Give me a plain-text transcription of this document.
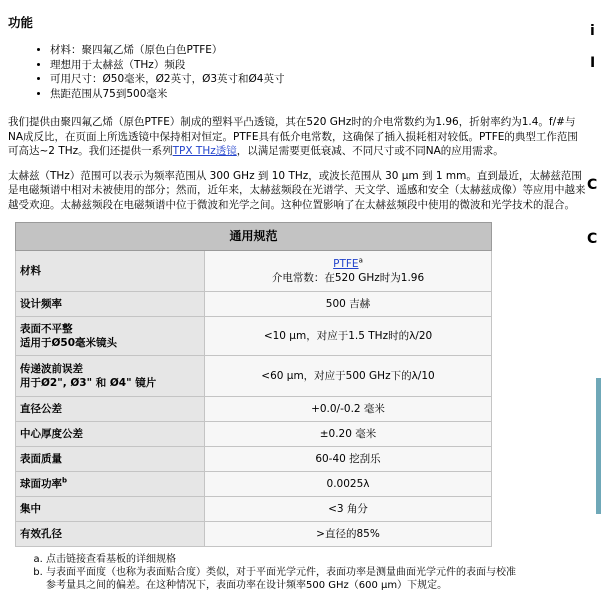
功能
• 材料：聚四氟乙烯（原色白色PTFE）
• 理想用于太赫兹（THz）频段
• 可用尺寸：Ø50毫米，Ø2英寸，Ø3英寸和Ø4英寸
• 焦距范围从75到500毫米

我们提供由聚四氟乙烯（原色PTFE）制成的塑料平凸透镜，其在520 GHz时的介电常数约为1.96，折射率约为1.4。f/#与NA成反比，在页面上所选透镜中保持相对恒定。PTFE具有低介电常数，这确保了插入损耗相对较低。PTFE的典型工作范围可高达~2 THz。我们还提供一系列TPX THz透镜，以满足需要更低衰减、不同尺寸或不同NA的应用需求。

太赫兹（THz）范围可以表示为频率范围从 300 GHz 到 10 THz，或波长范围从 30 µm 到 1 mm。直到最近，太赫兹范围是电磁频谱中相对未被使用的部分；然而，近年来，太赫兹频段在光谱学、天文学、遥感和安全（太赫兹成像）等应用中越来越受欢迎。太赫兹频段在电磁频谱中位于微波和光学之间。这种位置影响了在太赫兹频段中使用的微波和光学技术的混合。

通用规范	
材料	PTFE$^a$
介电常数：在520 GHz时为1.96
设计频率	500 吉赫
表面不平整
适用于Ø50毫米镜头	<10 µm，对应于1.5 THz时的λ/20
传递波前误差
用于Ø2", Ø3" 和 Ø4" 镜片	<60 µm，对应于500 GHz下的λ/10
直径公差	+0.0/-0.2 毫米
中心厚度公差	±0.20 毫米
表面质量	60-40 挖刮乐
球面功率$^b$	0.0025λ
集中	<3 角分
有效孔径	>直径的85%
a. 点击链接查看基板的详细规格
b. 与表面平面度（也称为表面贴合度）类似，对于平面光学元件，表面功率是测量曲面光学元件的表面与校准参考量具之间的偏差。在这种情况下，表面功率在设计频率500 GHz（600 µm）下规定。
i
I
C
C
